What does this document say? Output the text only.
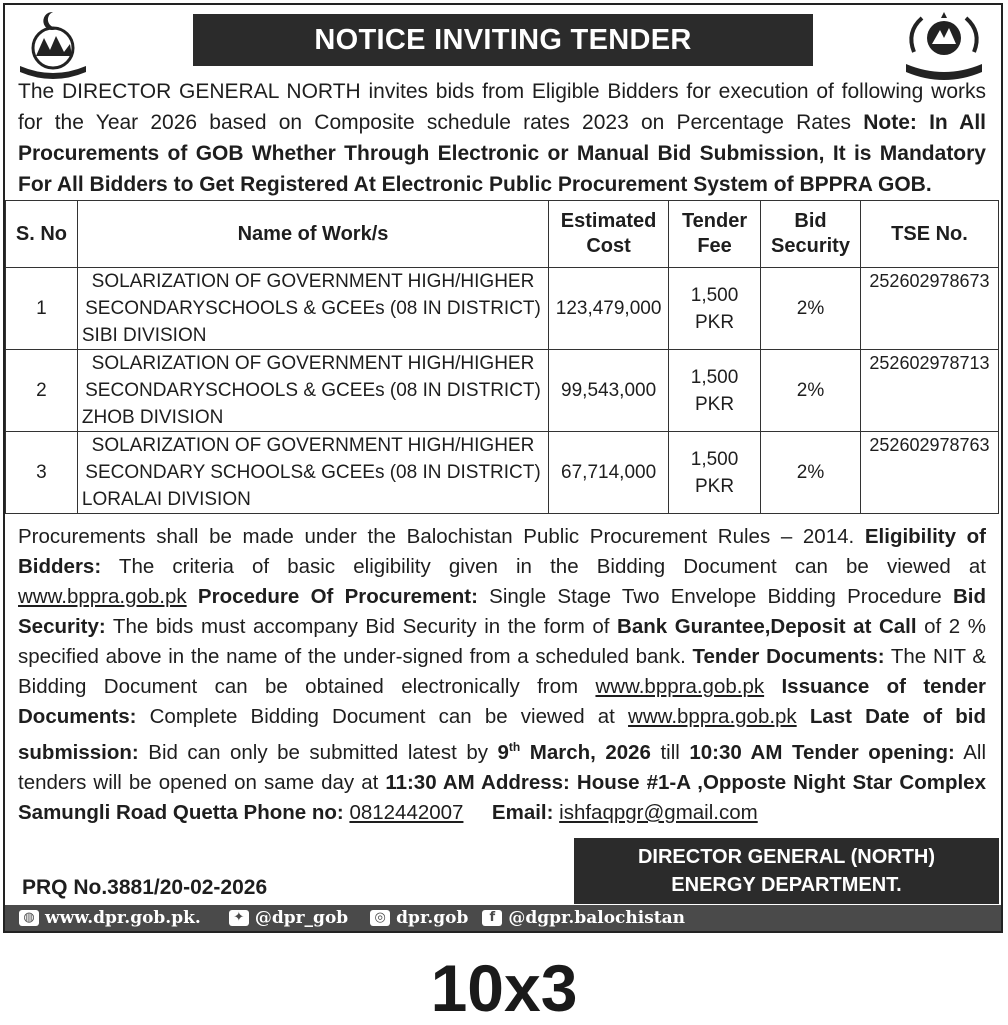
NOTICE INVITING TENDER
The DIRECTOR GENERAL NORTH invites bids from Eligible Bidders for execution of following works for the Year 2026 based on Composite schedule rates 2023 on Percentage Rates Note: In All Procurements of GOB Whether Through Electronic or Manual Bid Submission, It is Mandatory For All Bidders to Get Registered At Electronic Public Procurement System of BPPRA GOB.
S. No	Name of Work/s	Estimated Cost	Tender Fee	Bid Security	TSE No.
1	SOLARIZATION OF GOVERNMENT HIGH/HIGHER SECONDARYSCHOOLS & GCEEs (08 IN DISTRICT) SIBI DIVISION	123,479,000	1,500 PKR	2%	252602978673
2	SOLARIZATION OF GOVERNMENT HIGH/HIGHER SECONDARYSCHOOLS & GCEEs (08 IN DISTRICT) ZHOB DIVISION	99,543,000	1,500 PKR	2%	252602978713
3	SOLARIZATION OF GOVERNMENT HIGH/HIGHER SECONDARY SCHOOLS& GCEEs (08 IN DISTRICT) LORALAI DIVISION	67,714,000	1,500 PKR	2%	252602978763
Procurements shall be made under the Balochistan Public Procurement Rules – 2014. Eligibility of Bidders: The criteria of basic eligibility given in the Bidding Document can be viewed at www.bppra.gob.pk Procedure Of Procurement: Single Stage Two Envelope Bidding Procedure Bid Security: The bids must accompany Bid Security in the form of Bank Gurantee,Deposit at Call of 2 % specified above in the name of the under-signed from a scheduled bank. Tender Documents: The NIT & Bidding Document can be obtained electronically from www.bppra.gob.pk Issuance of tender Documents: Complete Bidding Document can be viewed at www.bppra.gob.pk Last Date of bid submission: Bid can only be submitted latest by 9th March, 2026 till 10:30 AM Tender opening: All tenders will be opened on same day at 11:30 AM Address: House #1-A ,Opposte Night Star Complex Samungli Road Quetta Phone no: 0812442007     Email: ishfaqpgr@gmail.com
DIRECTOR GENERAL (NORTH)
ENERGY DEPARTMENT.
PRQ No.3881/20-02-2026
◍ www.dpr.gob.pk.	✦ @dpr_gob	◎ dpr.gob	f @dgpr.balochistan
10x3
